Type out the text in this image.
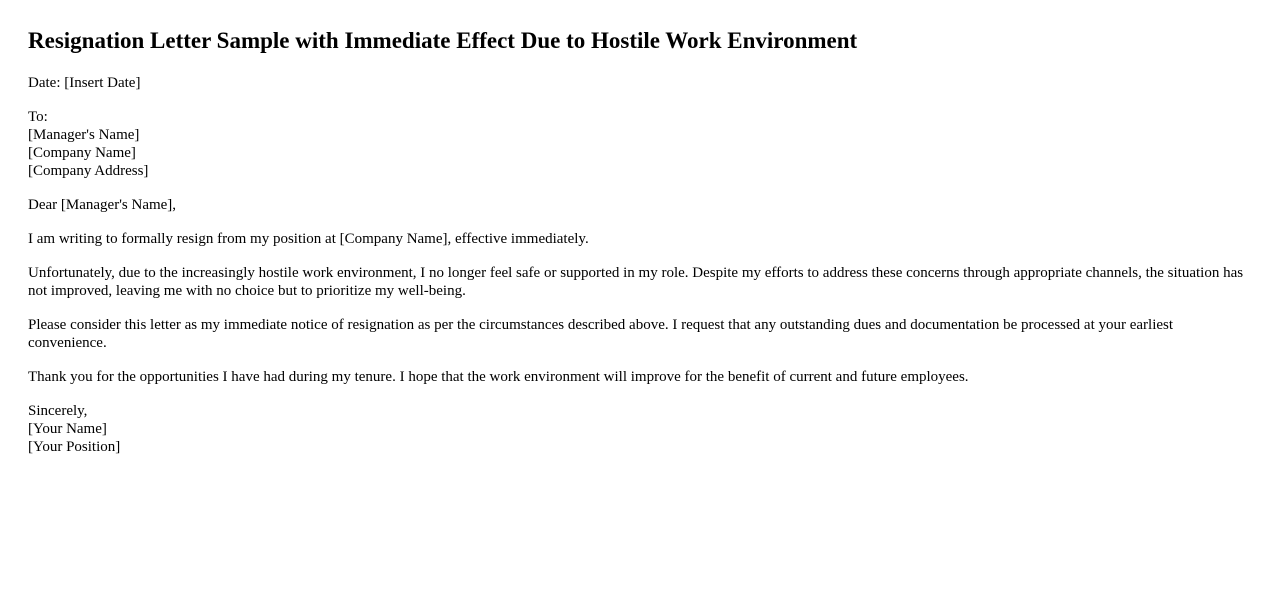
Resignation Letter Sample with Immediate Effect Due to Hostile Work Environment

Date: [Insert Date]

To:
[Manager's Name]
[Company Name]
[Company Address]

Dear [Manager's Name],

I am writing to formally resign from my position at [Company Name], effective immediately.

Unfortunately, due to the increasingly hostile work environment, I no longer feel safe or supported in my role. Despite my efforts to address these concerns through appropriate channels, the situation has not improved, leaving me with no choice but to prioritize my well-being.

Please consider this letter as my immediate notice of resignation as per the circumstances described above. I request that any outstanding dues and documentation be processed at your earliest convenience.

Thank you for the opportunities I have had during my tenure. I hope that the work environment will improve for the benefit of current and future employees.

Sincerely,
[Your Name]
[Your Position]
